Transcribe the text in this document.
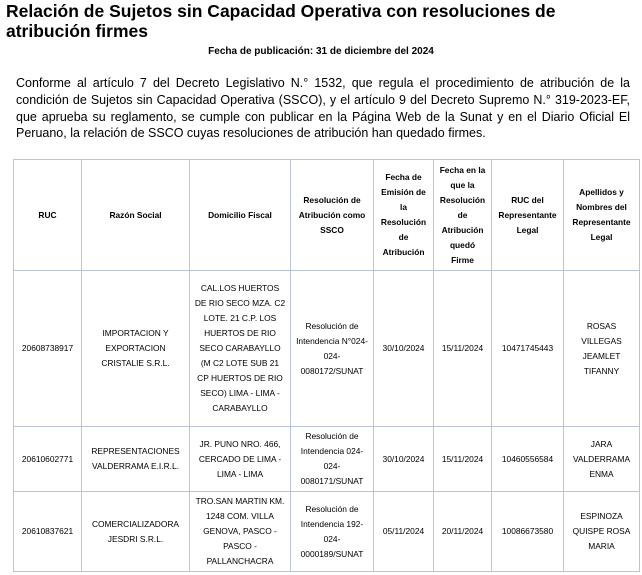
Relación de Sujetos sin Capacidad Operativa con resoluciones de atribución firmes
Fecha de publicación: 31 de diciembre del 2024

Conforme al artículo 7 del Decreto Legislativo N.° 1532, que regula el procedimiento de atribución de la condición de Sujetos sin Capacidad Operativa (SSCO), y el artículo 9 del Decreto Supremo N.° 319-2023-EF, que aprueba su reglamento, se cumple con publicar en la Página Web de la Sunat y en el Diario Oficial El Peruano, la relación de SSCO cuyas resoluciones de atribución han quedado firmes.

RUC	Razón Social	Domicilio Fiscal	Resolución de Atribución como SSCO	Fecha de Emisión de la Resolución de Atribución	Fecha en la que la Resolución de Atribución quedó Firme	RUC del Representante Legal	Apellidos y Nombres del Representante Legal
20608738917	IMPORTACION Y EXPORTACION CRISTALIE S.R.L.	CAL.LOS HUERTOS DE RIO SECO MZA. C2 LOTE. 21 C.P. LOS HUERTOS DE RIO SECO CARABAYLLO (M C2 LOTE SUB 21 CP HUERTOS DE RIO SECO) LIMA - LIMA - CARABAYLLO	Resolución de Intendencia N°024-024-0080172/SUNAT	30/10/2024	15/11/2024	10471745443	ROSAS VILLEGAS JEAMLET TIFANNY
20610602771	REPRESENTACIONES VALDERRAMA E.I.R.L.	JR. PUNO NRO. 466, CERCADO DE LIMA - LIMA - LIMA	Resolución de Intendencia 024-024-0080171/SUNAT	30/10/2024	15/11/2024	10460556584	JARA VALDERRAMA ENMA
20610837621	COMERCIALIZADORA JESDRI S.R.L.	TRO.SAN MARTIN KM. 1248 COM. VILLA GENOVA, PASCO - PASCO - PALLANCHACRA	Resolución de Intendencia 192-024-0000189/SUNAT	05/11/2024	20/11/2024	10086673580	ESPINOZA QUISPE ROSA MARIA
